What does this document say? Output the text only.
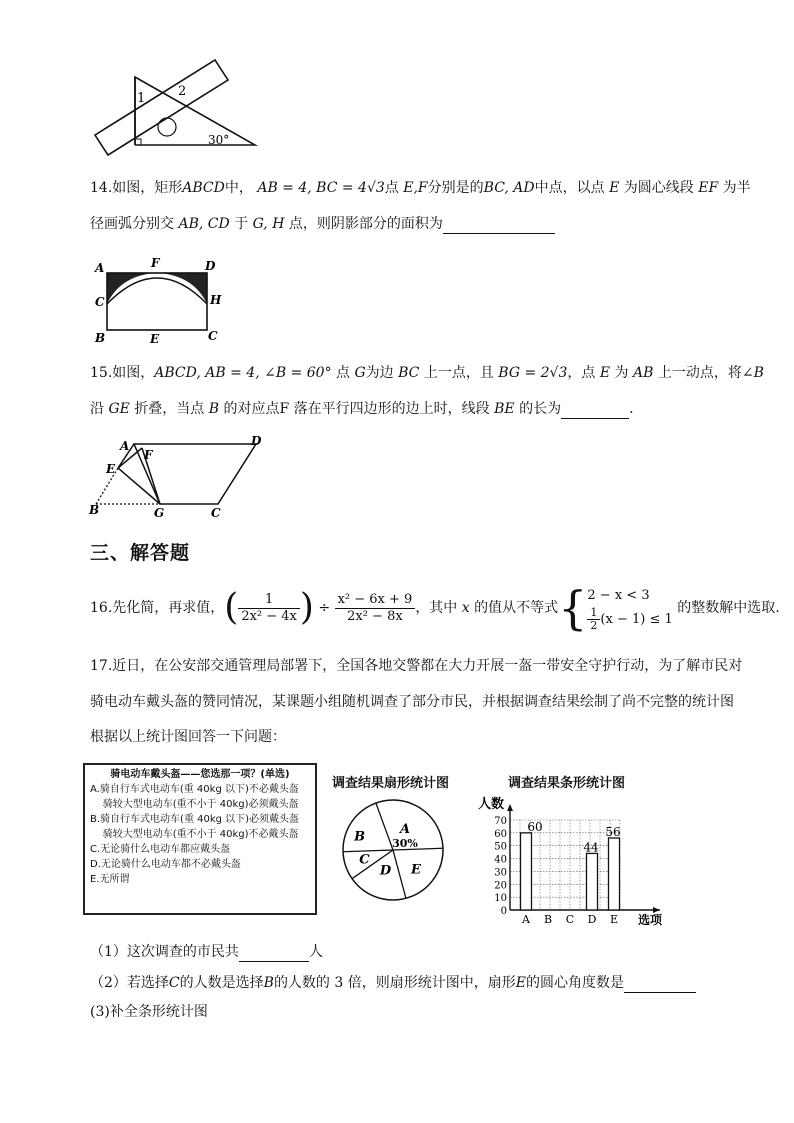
1	2
30°
14.如图，矩形ABCD中， AB = 4, BC = 4√3点 E,F分别是的BC, AD中点，以点 E 为圆心线段 EF 为半
径画弧分别交 AB, CD 于 G, H 点，则阴影部分的面积为
A	F	D
C	H
B	E	C
15.如图，ABCD, AB = 4, ∠B = 60° 点 G为边 BC 上一点，且 BG = 2√3，点 E 为 AB 上一动点，将∠B
沿 GE 折叠，当点 B 的对应点F 落在平行四边形的边上时，线段 BE 的长为	.
A	D
F
E
B	G	C
三、解答题
16.先化简，再求值，( $\frac{1}{\text{2x² − 4x}}$ ) ÷ $\frac{\text{x² − 6x + 9}}{\text{2x² − 8x}}$ ，其中 x 的值从不等式{ 2 − x < 3
$\frac{1}{2} (x - 1) \le 1$
的整数解中选取.
17.近日，在公安部交通管理局部署下，全国各地交警都在大力开展一盔一带安全守护行动，为了解市民对
骑电动车戴头盔的赞同情况，某课题小组随机调查了部分市民，并根据调查结果绘制了尚不完整的统计图
根据以上统计图回答一下问题：
骑电动车戴头盔——您选那一项？(单选)
A.骑自行车式电动车(重 40kg 以下)不必戴头盔
骑较大型电动车(重不小于 40kg)必须戴头盔
B.骑自行车式电动车(重 40kg 以下)必须戴头盔
骑较大型电动车(重不小于 40kg)不必戴头盔
C.无论骑什么电动车都应戴头盔
D.无论骑什么电动车都不必戴头盔
E.无所谓
调查结果扇形统计图
A
30%
E
D
C
B
调查结果条形统计图
0
10
20
30
40
50
60
70
人数
选项
A
60
B C D
44
E
56
（1）这次调查的市民共	人
（2）若选择C的人数是选择B的人数的 3 倍，则扇形统计图中，扇形E的圆心角度数是
(3)补全条形统计图
